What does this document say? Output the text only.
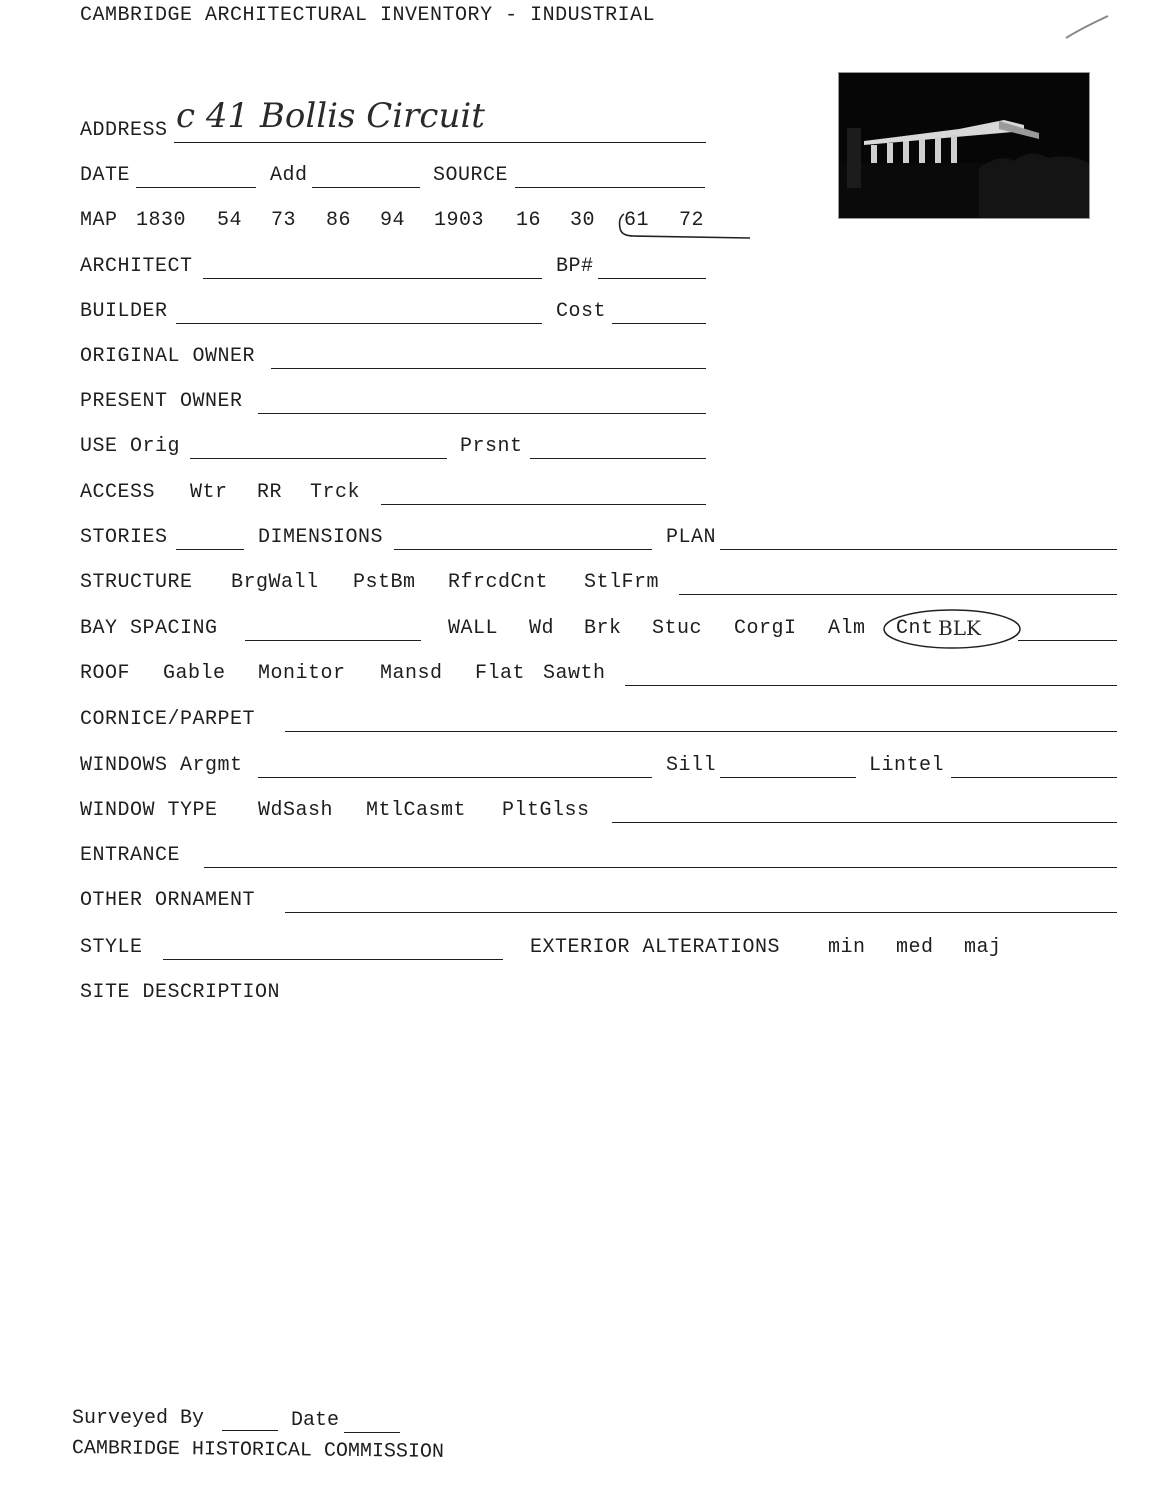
CAMBRIDGE ARCHITECTURAL INVENTORY - INDUSTRIAL
ADDRESS c 41 Bollis Circuit
DATE	Add	SOURCE
MAP 1830 54 73 86 94 1903 16 30 61 72
ARCHITECT	BP#
BUILDER	Cost
ORIGINAL OWNER
PRESENT OWNER
USE Orig	Prsnt
ACCESS Wtr RR Trck
STORIES	DIMENSIONS	PLAN
STRUCTURE BrgWall PstBm RfrcdCnt StlFrm
BAY SPACING	WALL Wd Brk Stuc CorgI Alm Cnt BLK
ROOF Gable Monitor Mansd Flat Sawth
CORNICE/PARPET
WINDOWS Argmt	Sill	Lintel
WINDOW TYPE WdSash MtlCasmt PltGlss
ENTRANCE
OTHER ORNAMENT
STYLE	EXTERIOR ALTERATIONS min med maj
SITE DESCRIPTION
Surveyed By	Date
CAMBRIDGE HISTORICAL COMMISSION
